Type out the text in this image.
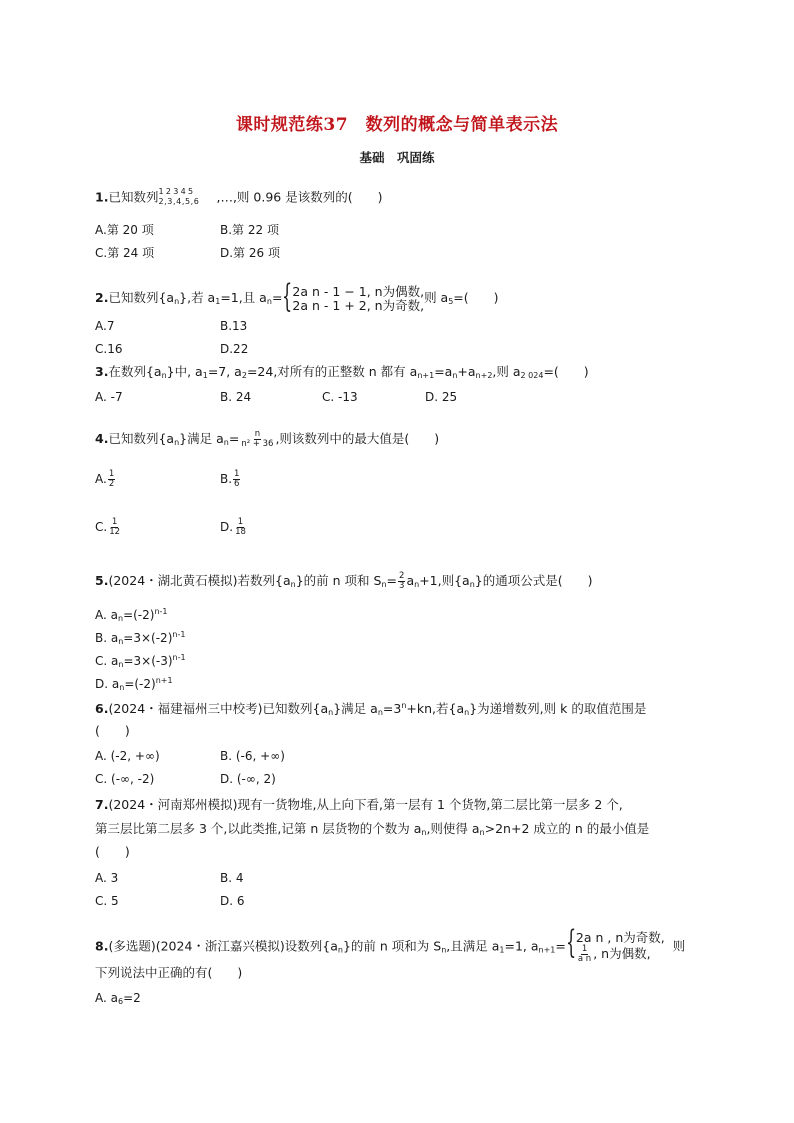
课时规范练37　数列的概念与简单表示法
基础　巩固练
1.已知数列 12345
2,3,4,5,6 ,…,则 0.96 是该数列的(　　)
A.第 20 项	B.第 22 项
C.第 24 项	D.第 26 项
2.已知数列$\{a_n\}$,若 $a_1=1$,且 $a_n=$ { 2a n - 1 − 1, n为偶数,
2a n - 1 + 2, n为奇数,
则 $a_5=$(　　)
A.7	B.13
C.16	D.22
3.在数列$\{a_n\}$中, $a_1=7$, $a_2=24$,对所有的正整数 n 都有 $a_{n+1}=a_n+a_{n+2}$,则 $a_{2 024}=$(　　)
A. -7	B. 24	C. -13	D. 25
4.已知数列$\{a_n\}$满足 $a_n= \frac{n}{\text{n² + 36}}$ ,则该数列中的最大值是(　　)
A. $\frac{1}{2}$	B. $\frac{1}{6}$
C. $\frac{1}{12}$	D. $\frac{1}{18}$
5.(2024・湖北黄石模拟)若数列$\{a_n\}$的前 n 项和 $S_n= \frac{2}{3} a_n+1$,则$\{a_n\}$的通项公式是(　　)
A. $a_n=(-2)^{n-1}$
B. $a_n=3\times(-2)^{n-1}$
C. $a_n=3\times(-3)^{n-1}$
D. $a_n=(-2)^{n+1}$
6.(2024・福建福州三中校考)已知数列$\{a_n\}$满足 $a_n=3^n+kn$,若$\{a_n\}$为递增数列,则 k 的取值范围是
(　　)
A. (-2, +∞)	B. (-6, +∞)
C. (-∞, -2)	D. (-∞, 2)
7.(2024・河南郑州模拟)现有一货物堆,从上向下看,第一层有 1 个货物,第二层比第一层多 2 个,
第三层比第二层多 3 个,以此类推,记第 n 层货物的个数为 $a_n$,则使得 $a_n>2n+2$ 成立的 n 的最小值是
(　　)
A. 3	B. 4
C. 5	D. 6
8.(多选题)(2024・浙江嘉兴模拟)设数列$\{a_n\}$的前 n 项和为 $S_n$,且满足 $a_1=1$, $a_{n+1}=$ { 2a n , n为奇数,
$\frac{1}{\text{a n}}$ , n为偶数,	则
下列说法中正确的有(　　)
A. $a_6=2$
